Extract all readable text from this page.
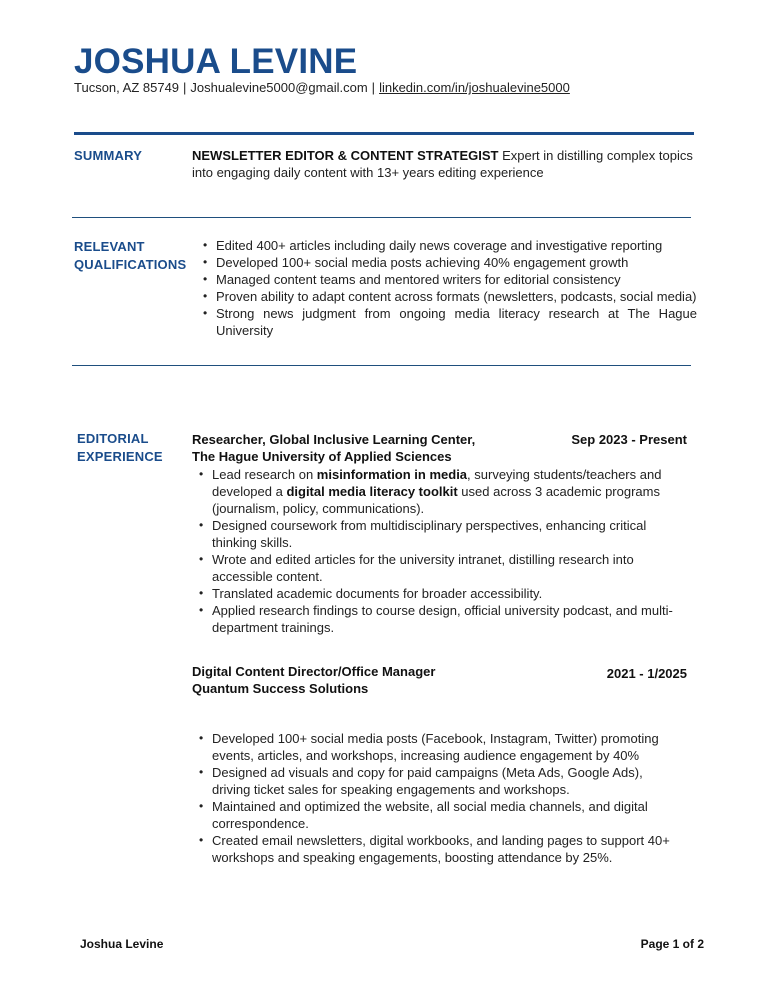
JOSHUA LEVINE
Tucson, AZ 85749 | Joshualevine5000@gmail.com | linkedin.com/in/joshualevine5000
SUMMARY	NEWSLETTER EDITOR & CONTENT STRATEGIST Expert in distilling complex topics into engaging daily content with 13+ years editing experience
RELEVANT
QUALIFICATIONS
• Edited 400+ articles including daily news coverage and investigative reporting
• Developed 100+ social media posts achieving 40% engagement growth
• Managed content teams and mentored writers for editorial consistency
• Proven ability to adapt content across formats (newsletters, podcasts, social media)
• Strong news judgment from ongoing media literacy research at The Hague University
EDITORIAL
EXPERIENCE
Researcher, Global Inclusive Learning Center,
The Hague University of Applied Sciences
Sep 2023 - Present
• Lead research on misinformation in media, surveying students/teachers and developed a digital media literacy toolkit used across 3 academic programs (journalism, policy, communications).
• Designed coursework from multidisciplinary perspectives, enhancing critical thinking skills.
• Wrote and edited articles for the university intranet, distilling research into accessible content.
• Translated academic documents for broader accessibility.
• Applied research findings to course design, official university podcast, and multi-department trainings.
Digital Content Director/Office Manager
Quantum Success Solutions
2021 - 1/2025
• Developed 100+ social media posts (Facebook, Instagram, Twitter) promoting events, articles, and workshops, increasing audience engagement by 40%
• Designed ad visuals and copy for paid campaigns (Meta Ads, Google Ads), driving ticket sales for speaking engagements and workshops.
• Maintained and optimized the website, all social media channels, and digital correspondence.
• Created email newsletters, digital workbooks, and landing pages to support 40+ workshops and speaking engagements, boosting attendance by 25%.
Joshua Levine	Page 1 of 2
